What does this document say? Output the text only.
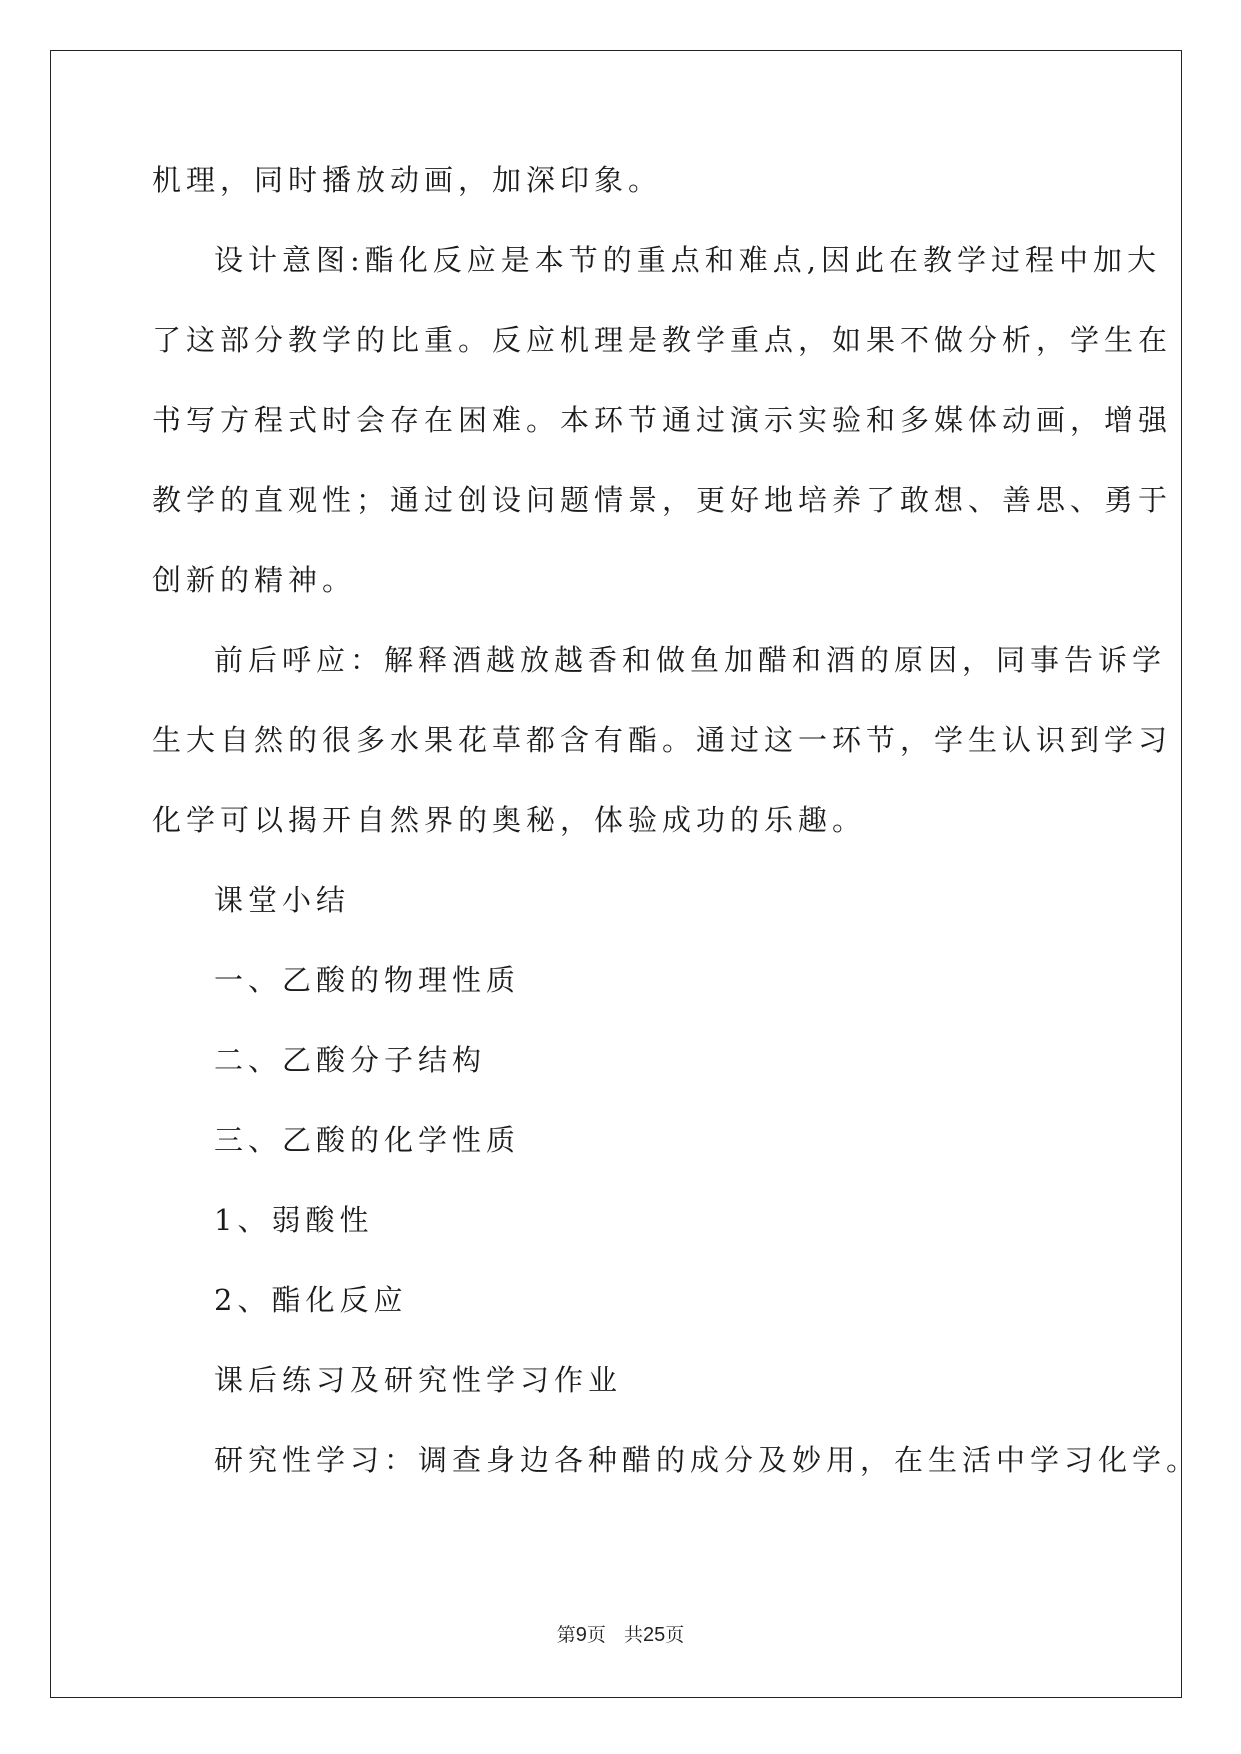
机理，同时播放动画，加深印象。
设计意图:酯化反应是本节的重点和难点,因此在教学过程中加大
了这部分教学的比重。反应机理是教学重点，如果不做分析，学生在
书写方程式时会存在困难。本环节通过演示实验和多媒体动画，增强
教学的直观性；通过创设问题情景，更好地培养了敢想、善思、勇于
创新的精神。
前后呼应：解释酒越放越香和做鱼加醋和酒的原因，同事告诉学
生大自然的很多水果花草都含有酯。通过这一环节，学生认识到学习
化学可以揭开自然界的奥秘，体验成功的乐趣。
课堂小结
一、乙酸的物理性质
二、乙酸分子结构
三、乙酸的化学性质
1、弱酸性
2、酯化反应
课后练习及研究性学习作业
研究性学习：调查身边各种醋的成分及妙用，在生活中学习化学。
第9页 共25页
